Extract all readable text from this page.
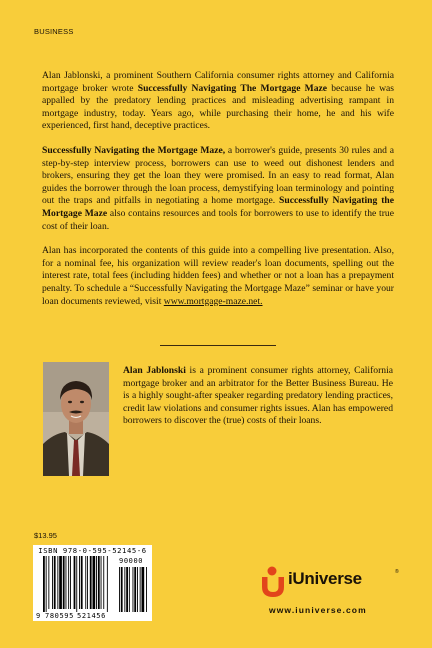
BUSINESS

Alan Jablonski, a prominent Southern California consumer rights attorney and California mortgage broker wrote Successfully Navigating The Mortgage Maze because he was appalled by the predatory lending practices and misleading advertising rampant in mortgage industry, today. Years ago, while purchasing their home, he and his wife experienced, first hand, deceptive practices.

Successfully Navigating the Mortgage Maze, a borrower's guide, presents 30 rules and a step-by-step interview process, borrowers can use to weed out dishonest lenders and brokers, ensuring they get the loan they were promised. In an easy to read format, Alan guides the borrower through the loan process, demystifying loan terminology and pointing out the traps and pitfalls in negotiating a home mortgage. Successfully Navigating the Mortgage Maze also contains resources and tools for borrowers to use to identify the true cost of their loan.

Alan has incorporated the contents of this guide into a compelling live presentation. Also, for a nominal fee, his organization will review reader's loan documents, spelling out the interest rate, total fees (including hidden fees) and whether or not a loan has a prepayment penalty. To schedule a “Successfully Navigating the Mortgage Maze” seminar or have your loan documents reviewed, visit www.mortgage-maze.net.

Alan Jablonski is a prominent consumer rights attorney, California mortgage broker and an arbitrator for the Better Business Bureau. He is a highly sought-after speaker regarding predatory lending practices, credit law violations and consumer rights issues. Alan has empowered borrowers to discover the (true) costs of their loans.
$13.95
ISBN 978-0-595-52145-6
9 780595 521456
90000
iUniverse	®
www.iuniverse.com
